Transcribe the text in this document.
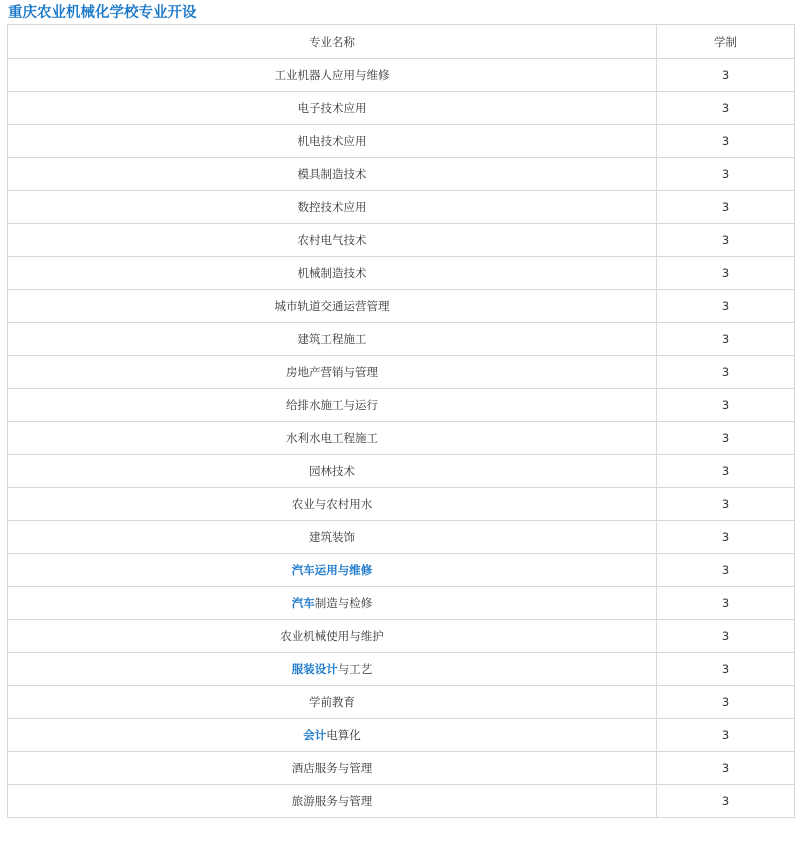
重庆农业机械化学校专业开设
专业名称	学制
工业机器人应用与维修	3
电子技术应用	3
机电技术应用	3
模具制造技术	3
数控技术应用	3
农村电气技术	3
机械制造技术	3
城市轨道交通运营管理	3
建筑工程施工	3
房地产营销与管理	3
给排水施工与运行	3
水利水电工程施工	3
园林技术	3
农业与农村用水	3
建筑装饰	3
汽车运用与维修	3
汽车制造与检修	3
农业机械使用与维护	3
服装设计与工艺	3
学前教育	3
会计电算化	3
酒店服务与管理	3
旅游服务与管理	3
